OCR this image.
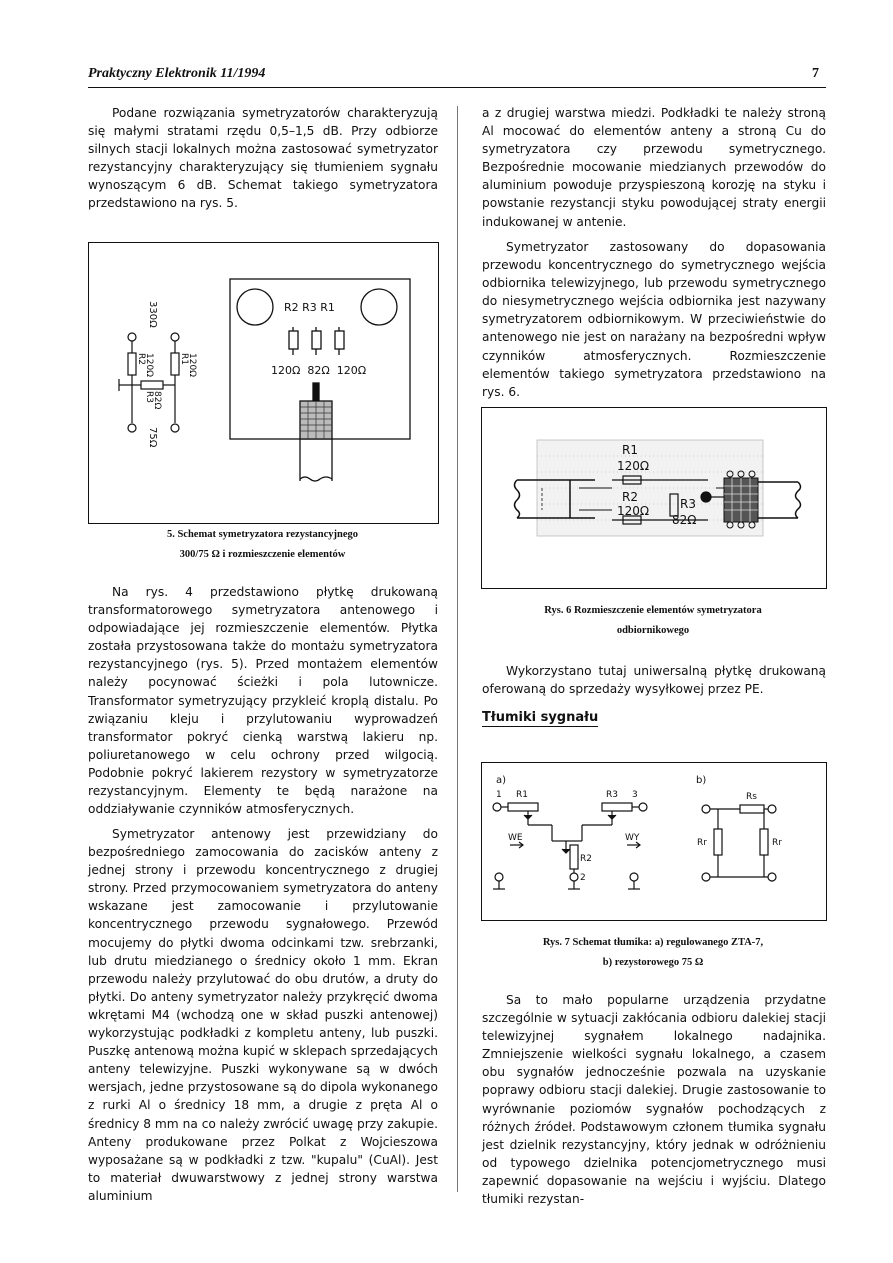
Praktyczny Elektronik 11/1994	7

Podane rozwiązania symetryzatorów charakteryzują się małymi stratami rzędu 0,5–1,5 dB. Przy odbiorze silnych stacji lokalnych można zastosować symetryzator rezystancyjny charakteryzujący się tłumieniem sygnału wynoszącym 6 dB. Schemat takiego symetryzatora przedstawiono na rys. 5.

330Ω
R2
120Ω	R1
120Ω
R3
82Ω
75Ω
R2 R3 R1
120Ω  82Ω  120Ω

5. Schemat symetryzatora rezystancyjnego
300/75 Ω i rozmieszczenie elementów

Na rys. 4 przedstawiono płytkę drukowaną transformatorowego symetryzatora antenowego i odpowiadające jej rozmieszczenie elementów. Płytka została przystosowana także do montażu symetryzatora rezystancyjnego (rys. 5). Przed montażem elementów należy pocynować ścieżki i pola lutownicze. Transformator symetryzujący przykleić kroplą distalu. Po związaniu kleju i przylutowaniu wyprowadzeń transformator pokryć cienką warstwą lakieru np. poliuretanowego w celu ochrony przed wilgocią. Podobnie pokryć lakierem rezystory w symetryzatorze rezystancyjnym. Elementy te będą narażone na oddziaływanie czynników atmosferycznych.

Symetryzator antenowy jest przewidziany do bezpośredniego zamocowania do zacisków anteny z jednej strony i przewodu koncentrycznego z drugiej strony. Przed przymocowaniem symetryzatora do anteny wskazane jest zamocowanie i przylutowanie koncentrycznego przewodu sygnałowego. Przewód mocujemy do płytki dwoma odcinkami tzw. srebrzanki, lub drutu miedzianego o średnicy około 1 mm. Ekran przewodu należy przylutować do obu drutów, a druty do płytki. Do anteny symetryzator należy przykręcić dwoma wkrętami M4 (wchodzą one w skład puszki antenowej) wykorzystując podkładki z kompletu anteny, lub puszki. Puszkę antenową można kupić w sklepach sprzedających anteny telewizyjne. Puszki wykonywane są w dwóch wersjach, jedne przystosowane są do dipola wykonanego z rurki Al o średnicy 18 mm, a drugie z pręta Al o średnicy 8 mm na co należy zwrócić uwagę przy zakupie. Anteny produkowane przez Polkat z Wojcieszowa wyposażane są w podkładki z tzw. "kupalu" (CuAl). Jest to materiał dwuwarstwowy z jednej strony warstwa aluminium

a z drugiej warstwa miedzi. Podkładki te należy stroną Al mocować do elementów anteny a stroną Cu do symetryzatora czy przewodu symetrycznego. Bezpośrednie mocowanie miedzianych przewodów do aluminium powoduje przyspieszoną korozję na styku i powstanie rezystancji styku powodującej straty energii indukowanej w antenie.

Symetryzator zastosowany do dopasowania przewodu koncentrycznego do symetrycznego wejścia odbiornika telewizyjnego, lub przewodu symetrycznego do niesymetrycznego wejścia odbiornika jest nazywany symetryzatorem odbiornikowym. W przeciwieństwie do antenowego nie jest on narażany na bezpośredni wpływ czynników atmosferycznych. Rozmieszczenie elementów takiego symetryzatora przedstawiono na rys. 6.

R1
120Ω
R2
120Ω	R3
82Ω

Rys. 6 Rozmieszczenie elementów symetryzatora
odbiornikowego

Wykorzystano tutaj uniwersalną płytkę drukowaną oferowaną do sprzedaży wysyłkowej przez PE.

Tłumiki sygnału
a)
1 R1	R3 3
WE	WY
R2
2
b)
Rs
Rr	Rr

Rys. 7 Schemat tłumika: a) regulowanego ZTA-7,
b) rezystorowego 75 Ω

Sa to mało popularne urządzenia przydatne szczególnie w sytuacji zakłócania odbioru dalekiej stacji telewizyjnej sygnałem lokalnego nadajnika. Zmniejszenie wielkości sygnału lokalnego, a czasem obu sygnałów jednocześnie pozwala na uzyskanie poprawy odbioru stacji dalekiej. Drugie zastosowanie to wyrównanie poziomów sygnałów pochodzących z różnych źródeł. Podstawowym członem tłumika sygnału jest dzielnik rezystancyjny, który jednak w odróżnieniu od typowego dzielnika potencjometrycznego musi zapewnić dopasowanie na wejściu i wyjściu. Dlatego tłumiki rezystan-
